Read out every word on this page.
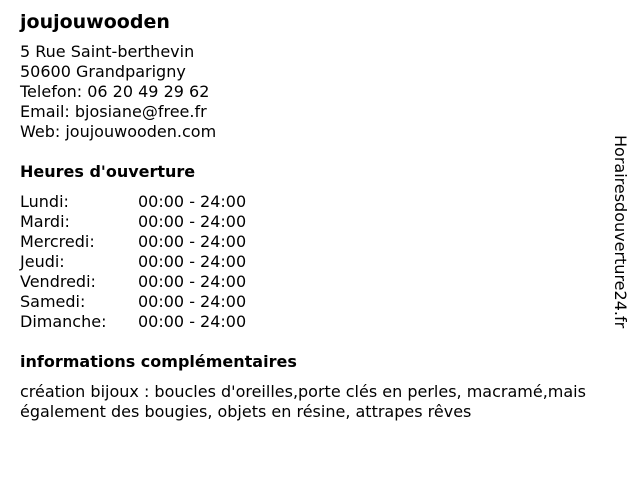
joujouwooden
5 Rue Saint-berthevin
50600 Grandparigny
Telefon: 06 20 49 29 62
Email: bjosiane@free.fr
Web: joujouwooden.com
Heures d'ouverture
Lundi:	00:00 - 24:00
Mardi:	00:00 - 24:00
Mercredi:	00:00 - 24:00
Jeudi:	00:00 - 24:00
Vendredi:	00:00 - 24:00
Samedi:	00:00 - 24:00
Dimanche:	00:00 - 24:00
informations complémentaires
création bijoux : boucles d'oreilles,porte clés en perles, macramé,mais également des bougies, objets en résine, attrapes rêves
Horairesdouverture24.fr
